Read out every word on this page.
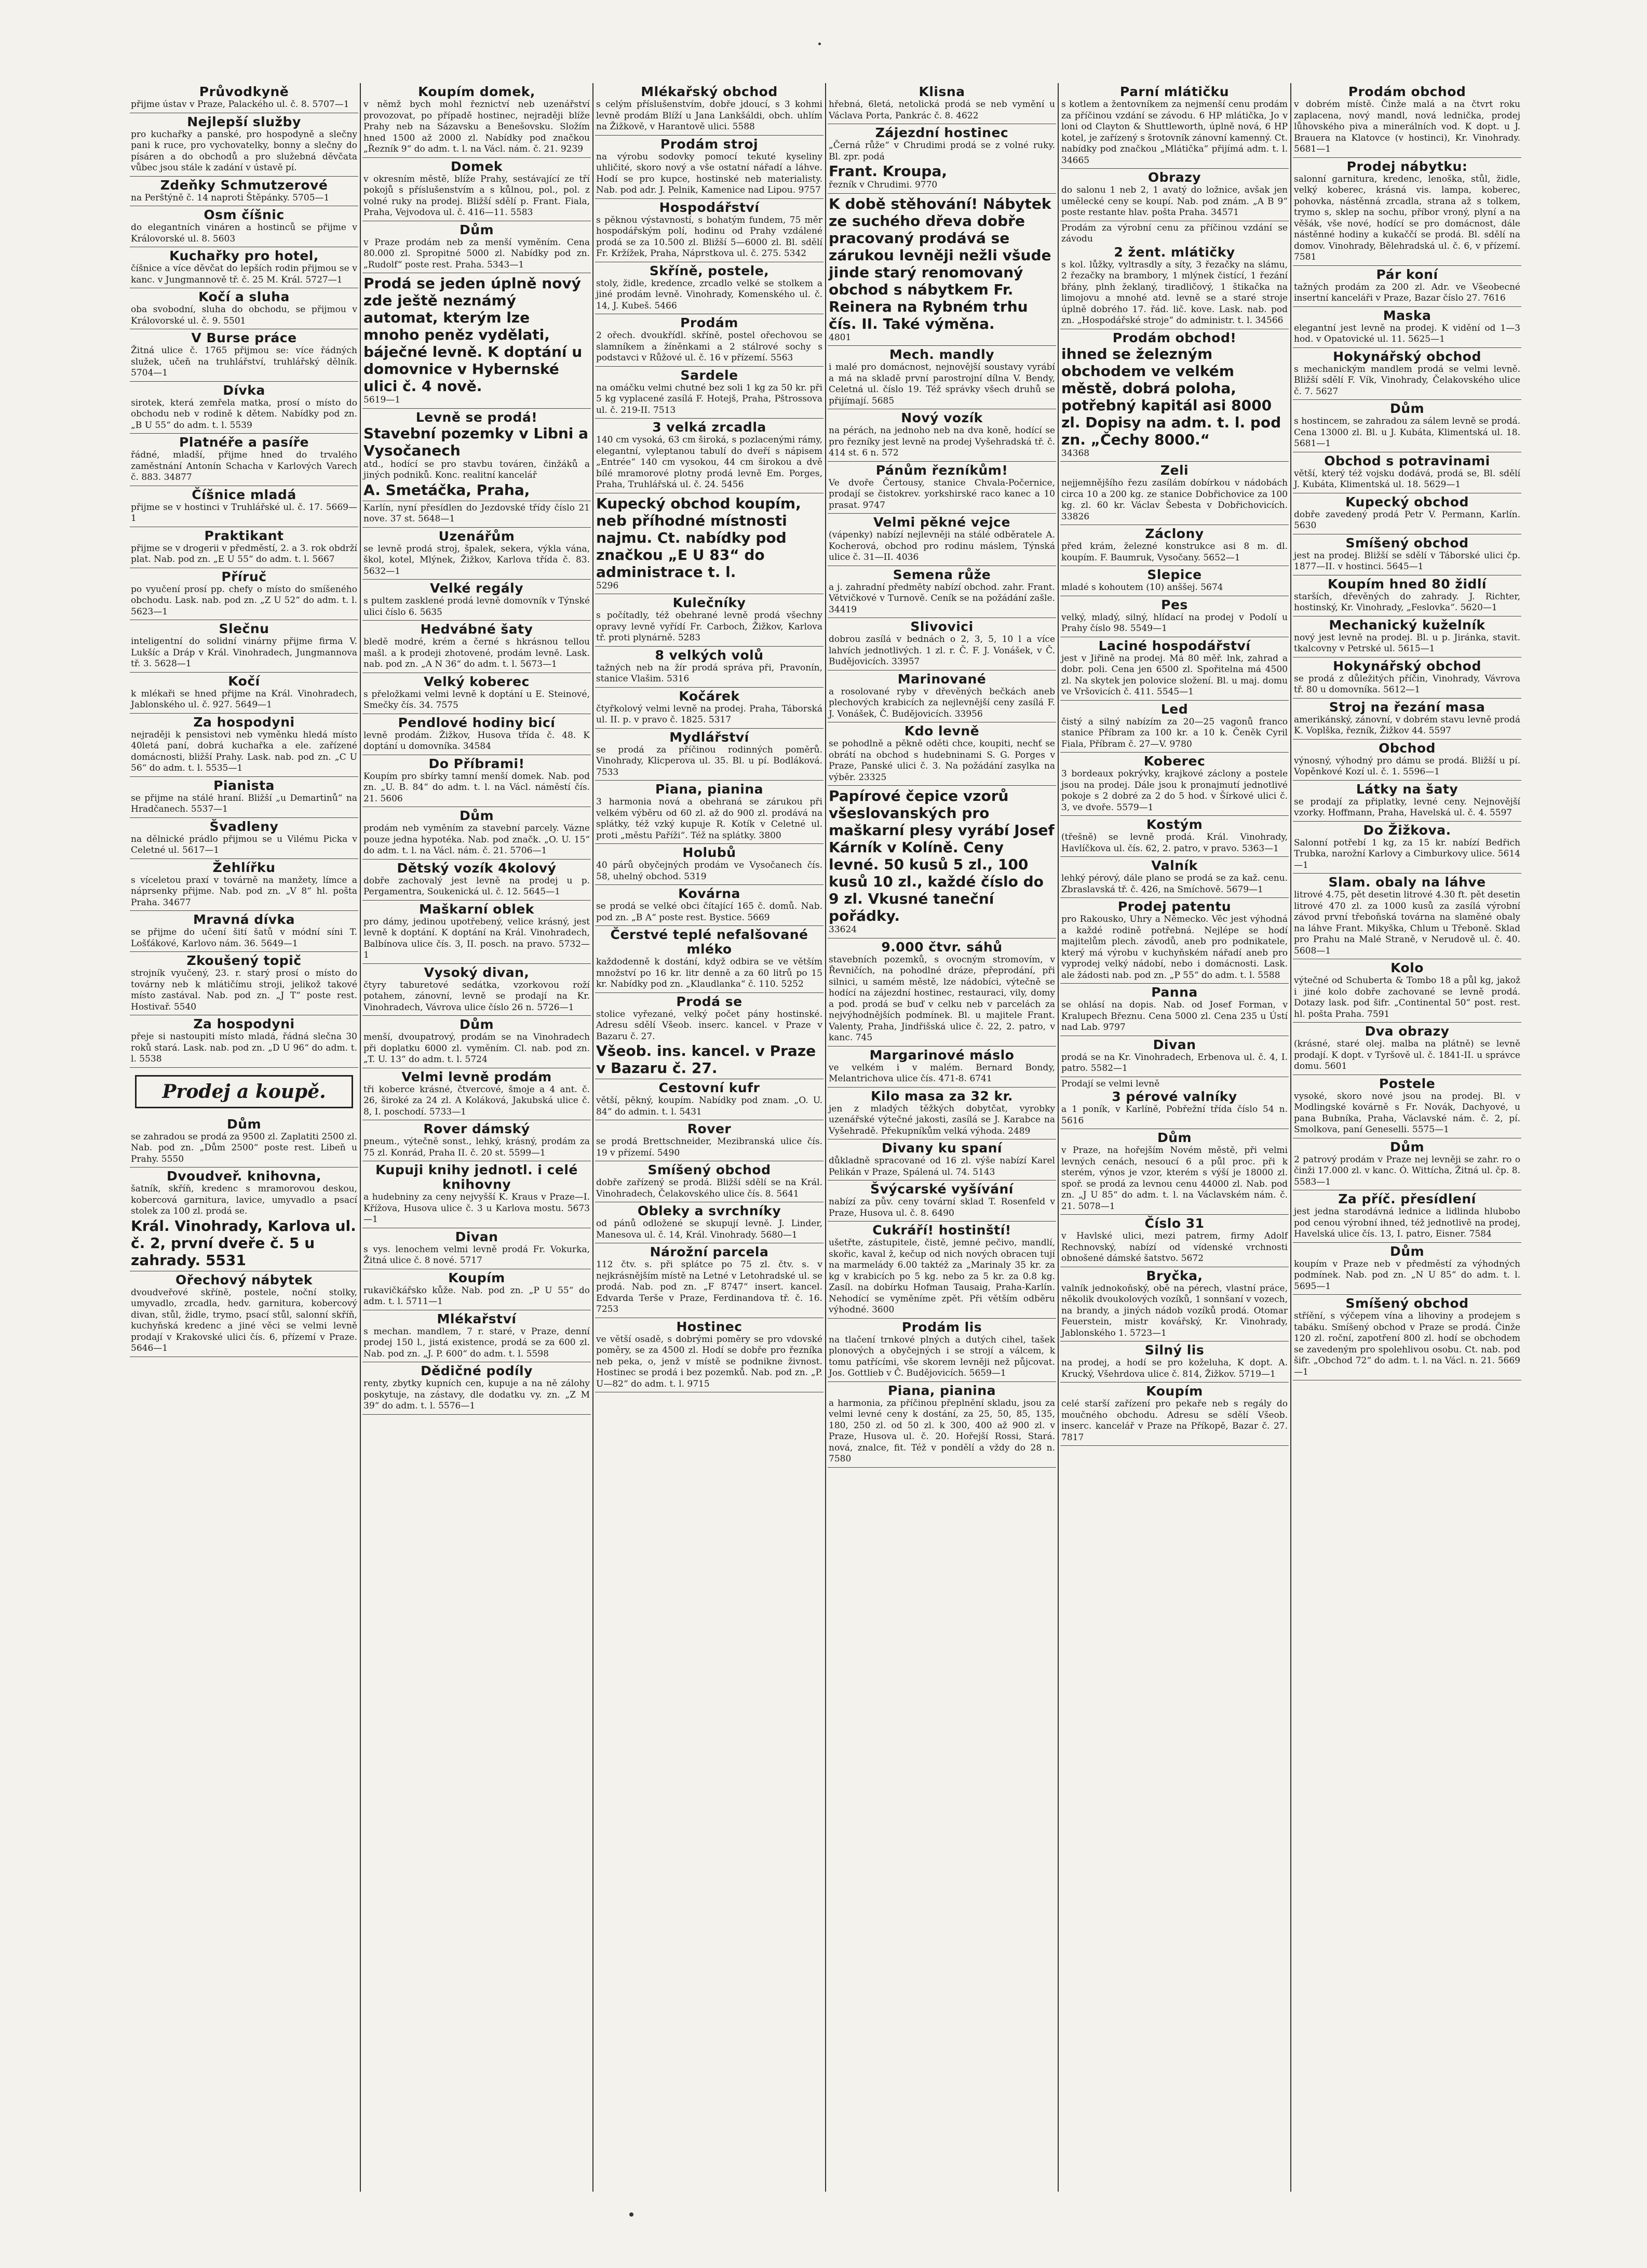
Průvodkyně
přijme ústav v Praze, Palackého ul. č. 8. 5707—1
Nejlepší služby
pro kuchařky a panské, pro hospodyně a slečny pani k ruce, pro vychovatelky, bonny a slečny do písáren a do obchodů a pro služebná děvčata vůbec jsou stále k zadání v ústavě pí.
Zdeňky Schmutzerové
na Perštýně č. 14 naproti Štěpánky. 5705—1
Osm číšnic
do elegantních vináren a hostinců se přijme v Královorské ul. 8. 5603
Kuchařky pro hotel,
číšnice a více děvčat do lepších rodin přijmou se v kanc. v Jungmannově tř. č. 25 M. Král. 5727—1
Kočí a sluha
oba svobodní, sluha do obchodu, se přijmou v Královorské ul. č. 9. 5501
V Burse práce
Žitná ulice č. 1765 přijmou se: více řádných služek, učeň na truhlářství, truhlářský dělník. 5704—1
Dívka
sirotek, která zemřela matka, prosí o místo do obchodu neb v rodině k dětem. Nabídky pod zn. „B U 55“ do adm. t. l. 5539
Platnéře a pasíře
řádné, mladší, přijme hned do trvalého zaměstnání Antonín Schacha v Karlových Varech č. 883. 34877
Číšnice mladá
přijme se v hostinci v Truhlářské ul. č. 17. 5669—1
Praktikant
přijme se v drogerii v předměstí, 2. a 3. rok obdrží plat. Nab. pod zn. „E U 55“ do adm. t. l. 5667
Příruč
po vyučení prosí pp. chefy o místo do smíšeného obchodu. Lask. nab. pod zn. „Z U 52“ do adm. t. l. 5623—1
Slečnu
inteligentní do solidní vinárny přijme firma V. Lukšíc a Dráp v Král. Vinohradech, Jungmannova tř. 3. 5628—1
Kočí
k mlékaři se hned přijme na Král. Vinohradech, Jablonského ul. č. 927. 5649—1
Za hospodyni
nejraději k pensistovi neb vyměnku hledá místo 40letá paní, dobrá kuchařka a ele. zařízené domácnosti, bližší Prahy. Lask. nab. pod zn. „C U 56“ do adm. t. l. 5535—1
Pianista
se přijme na stálé hraní. Bližší „u Demartinů“ na Hradčanech. 5537—1
Švadleny
na dělnické prádlo přijmou se u Vilému Picka v Celetné ul. 5617—1
Žehlířku
s víceletou praxí v továrně na manžety, límce a náprsenky přijme. Nab. pod zn. „V 8“ hl. pošta Praha. 34677
Mravná dívka
se přijme do učení šití šatů v módní síni T. Lošťákové, Karlovo nám. 36. 5649—1
Zkoušený topič
strojník vyučený, 23. r. starý prosí o místo do továrny neb k mlátičímu stroji, jelikož takové místo zastával. Nab. pod zn. „J T“ poste rest. Hostivař. 5540
Za hospodyni
přeje si nastoupiti místo mladá, řádná slečna 30 roků stará. Lask. nab. pod zn. „D U 96“ do adm. t. l. 5538
Prodej a koupě.
Dům
se zahradou se prodá za 9500 zl. Zaplatiti 2500 zl. Nab. pod zn. „Dům 2500“ poste rest. Libeň u Prahy. 5550
Dvoudveř. knihovna,
šatník, skříň, kredenc s mramorovou deskou, kobercová garnitura, lavice, umyvadlo a psací stolek za 100 zl. prodá se.
Král. Vinohrady, Karlova ul. č. 2, první dveře č. 5 u zahrady. 5531
Ořechový nábytek
dvoudveřové skříně, postele, noční stolky, umyvadlo, zrcadla, hedv. garnitura, kobercový divan, stůl, židle, trymo, psací stůl, salonní skříň, kuchyňská kredenc a jiné věci se velmi levně prodají v Krakovské ulici čís. 6, přízemí v Praze. 5646—1
Koupím domek,
v němž bych mohl řeznictví neb uzenářství provozovat, po případě hostinec, nejraději blíže Prahy neb na Sázavsku a Benešovsku. Složím hned 1500 až 2000 zl. Nabídky pod značkou „Řezník 9“ do adm. t. l. na Václ. nám. č. 21. 9239
Domek
v okresním městě, blíže Prahy, sestávající ze tří pokojů s příslušenstvím a s kůlnou, pol., pol. z volné ruky na prodej. Bližší sdělí p. Frant. Fiala, Praha, Vejvodova ul. č. 416—11. 5583
Dům
v Praze prodám neb za menší vyměním. Cena 80.000 zl. Spropitné 5000 zl. Nabídky pod zn. „Rudolf“ poste rest. Praha. 5343—1
Prodá se jeden úplně nový zde ještě neznámý automat, kterým lze mnoho peněz vydělati, báječné levně. K doptání u domovnice v Hybernské ulici č. 4 nově.
5619—1
Levně se prodá!
Stavební pozemky v Libni a Vysočanech
atd., hodící se pro stavbu továren, činžáků a jiných podniků. Konc. realitní kancelář
A. Smetáčka, Praha,
Karlín, nyní přesídlen do Jezdovské třídy číslo 21 nove. 37 st. 5648—1
Uzenářům
se levně prodá stroj, špalek, sekera, výkla vána, škol, kotel, Mlýnek, Žižkov, Karlova třída č. 83. 5632—1
Velké regály
s pultem zasklené prodá levně domovník v Týnské ulici číslo 6. 5635
Hedvábné šaty
bledě modré, krém a černé s hkrásnou tellou mašl. a k prodeji zhotovené, prodám levně. Lask. nab. pod zn. „A N 36“ do adm. t. l. 5673—1
Velký koberec
s přeložkami velmi levně k doptání u E. Steinové, Smečky čís. 34. 7575
Pendlové hodiny bicí
levně prodám. Žižkov, Husova třída č. 48. K doptání u domovníka. 34584
Do Příbrami!
Koupím pro sbírky tamní menší domek. Nab. pod zn. „U. B. 84“ do adm. t. l. na Václ. náměstí čís. 21. 5606
Dům
prodám neb vyměním za stavební parcely. Vázne pouze jedna hypotéka. Nab. pod značk. „O. U. 15“ do adm. t. l. na Václ. nám. č. 21. 5706—1
Dětský vozík 4kolový
dobře zachovalý jest levně na prodej u p. Pergamentra, Soukenická ul. č. 12. 5645—1
Maškarní oblek
pro dámy, jedinou upotřebený, velice krásný, jest levně k doptání. K doptání na Král. Vinohradech, Balbínova ulice čís. 3, II. posch. na pravo. 5732—1
Vysoký divan,
čtyry taburetové sedátka, vzorkovou roží potahem, zánovní, levně se prodají na Kr. Vinohradech, Vávrova ulice číslo 26 n. 5726—1
Dům
menší, dvoupatrový, prodám se na Vinohradech při doplatku 6000 zl. vyměním. Cl. nab. pod zn. „T. U. 13“ do adm. t. l. 5724
Velmi levně prodám
tři koberce krásné, čtvercové, šmoje a 4 ant. č. 26, široké za 24 zl. A Koláková, Jakubská ulice č. 8, I. poschodí. 5733—1
Rover dámský
pneum., výtečně sonst., lehký, krásný, prodám za 75 zl. Konrád, Praha II. č. 20 st. 5599—1
Kupuji knihy jednotl. i celé knihovny
a hudebniny za ceny nejvyšší K. Kraus v Praze—I. Křížova, Husova ulice č. 3 u Karlova mostu. 5673—1
Divan
s vys. lenochem velmi levně prodá Fr. Vokurka, Žitná ulice č. 8 nové. 5717
Koupím
rukavičkářsko kůže. Nab. pod zn. „P U 55“ do adm. t. l. 5711—1
Mlékařství
s mechan. mandlem, 7 r. staré, v Praze, denní prodej 150 l., jistá existence, prodá se za 600 zl. Nab. pod zn. „J. P. 600“ do adm. t. l. 5598
Dědičné podíly
renty, zbytky kupních cen, kupuje a na ně zálohy poskytuje, na zástavy, dle dodatku vy. zn. „Z M 39“ do adm. t. l. 5576—1
Mlékařský obchod
s celým příslušenstvím, dobře jdoucí, s 3 kohmi levně prodám Blíží u Jana Lankšáldi, obch. uhlím na Žižkově, v Harantově ulici. 5588
Prodám stroj
na výrobu sodovky pomocí tekuté kyseliny uhličité, skoro nový a vše ostatní nářadí a láhve. Hodí se pro kupce, hostinské neb materialisty. Nab. pod adr. J. Pelnik, Kamenice nad Lipou. 9757
Hospodářství
s pěknou výstavností, s bohatým fundem, 75 měr hospodářským polí, hodinu od Prahy vzdálené prodá se za 10.500 zl. Bližší 5—6000 zl. Bl. sdělí Fr. Kržížek, Praha, Náprstkova ul. č. 275. 5342
Skříně, postele,
stoly, židle, kredence, zrcadlo velké se stolkem a jiné prodám levně. Vinohrady, Komenského ul. č. 14, J. Kubeš. 5466
Prodám
2 ořech. dvoukřídl. skříně, postel ořechovou se slamníkem a žíněnkami a 2 stálrové sochy s podstavci v Růžové ul. č. 16 v přízemí. 5563
Sardele
na omáčku velmi chutné bez soli 1 kg za 50 kr. při 5 kg vyplacené zasílá F. Hotejš, Praha, Pštrossova ul. č. 219-II. 7513
3 velká zrcadla
140 cm vysoká, 63 cm široká, s pozlacenými rámy, elegantní, vyleptanou tabulí do dveří s nápisem „Entrée“ 140 cm vysokou, 44 cm širokou a dvě bílé mramorové plotny prodá levně Em. Porges, Praha, Truhlářská ul. č. 24. 5456
Kupecký obchod koupím, neb příhodné místnosti najmu. Ct. nabídky pod značkou „E U 83“ do administrace t. l.
5296
Kulečníky
s počítadly, též obehrané levně prodá všechny opravy levně vyřídí Fr. Carboch, Žižkov, Karlova tř. proti plynárně. 5283
8 velkých volů
tažných neb na žír prodá správa při, Pravonín, stanice Vlašim. 5316
Kočárek
čtyřkolový velmi levně na prodej. Praha, Táborská ul. II. p. v pravo č. 1825. 5317
Mydlářství
se prodá za příčinou rodinných poměrů. Vinohrady, Klicperova ul. 35. Bl. u pí. Bodláková. 7533
Piana, pianina
3 harmonia nová a obehraná se zárukou při velkém výběru od 60 zl. až do 900 zl. prodává na splátky, též vzký kupuje R. Kotík v Celetné ul. proti „městu Paříži“. Též na splátky. 3800
Holubů
40 párů obyčejných prodám ve Vysočanech čís. 58, uhelný obchod. 5319
Kovárna
se prodá se velké obci čítající 165 č. domů. Nab. pod zn. „B A“ poste rest. Bystice. 5669
Čerstvé teplé nefalšované mléko
každodenně k dostání, když odbira se ve větším množství po 16 kr. litr denně a za 60 litrů po 15 kr. Nabídky pod zn. „Klaudlanka“ č. 110. 5252
Prodá se
stolice vyřezané, velký počet pány hostinské. Adresu sdělí Všeob. inserc. kancel. v Praze v Bazaru č. 27.
Všeob. ins. kancel. v Praze v Bazaru č. 27.
Cestovní kufr
větší, pěkný, koupím. Nabídky pod znam. „O. U. 84“ do admin. t. l. 5431
Rover
se prodá Brettschneider, Mezibranská ulice čís. 19 v přízemí. 5490
Smíšený obchod
dobře zařízený se prodá. Bližší sdělí se na Král. Vinohradech, Čelakovského ulice čís. 8. 5641
Obleky a svrchníky
od pánů odložené se skupují levně. J. Linder, Manesova ul. č. 14, Král. Vinohrady. 5680—1
Nárožní parcela
112 čtv. s. při splátce po 75 zl. čtv. s. v nejkrásnějším místě na Letné v Letohradské ul. se prodá. Nab. pod zn. „F 8747“ insert. kancel. Edvarda Terše v Praze, Ferdinandova tř. č. 16. 7253
Hostinec
ve větší osadě, s dobrými poměry se pro vdovské poměry, se za 4500 zl. Hodí se dobře pro řezníka neb peka, o, jenž v místě se podnikne živnost. Hostinec se prodá i bez pozemků. Nab. pod zn. „P. U—82“ do adm. t. l. 9715
Klisna
hřebná, 6letá, netolická prodá se neb vymění u Václava Porta, Pankrác č. 8. 4622
Zájezdní hostinec
„Černá růže“ v Chrudimi prodá se z volné ruky. Bl. zpr. podá
Frant. Kroupa,
řezník v Chrudimi. 9770
K době stěhování! Nábytek ze suchého dřeva dobře pracovaný prodává se zárukou levněji nežli všude jinde starý renomovaný obchod s nábytkem Fr. Reinera na Rybném trhu čís. II. Také výměna.
4801
Mech. mandly
i malé pro domácnost, nejnovější soustavy vyrábí a má na skladě první parostrojní dílna V. Bendy, Celetná ul. číslo 19. Též správky všech druhů se přijímají. 5685
Nový vozík
na pérách, na jednoho neb na dva koně, hodící se pro řezníky jest levně na prodej Vyšehradská tř. č. 414 st. 6 n. 572
Pánům řezníkům!
Ve dvoře Čertousy, stanice Chvala-Počernice, prodají se čistokrev. yorkshirské raco kanec a 10 prasat. 9747
Velmi pěkné vejce
(vápenky) nabízí nejlevněji na stálé odběratele A. Kocherová, obchod pro rodinu máslem, Týnská ulice č. 31—II. 4036
Semena růže
a j. zahradní předměty nabízí obchod. zahr. Frant. Větvičkové v Turnově. Ceník se na požádání zašle. 34419
Slivovici
dobrou zasílá v bednách o 2, 3, 5, 10 l a více lahvích jednotlivých. 1 zl. r. Č. F. J. Vonášek, v Č. Budějovicích. 33957
Marinované
a rosolované ryby v dřevěných bečkách aneb plechových krabicích za nejlevnější ceny zasílá F. J. Vonášek, Č. Budějovicích. 33956
Kdo levně
se pohodlně a pěkně oděti chce, koupiti, nechť se obrátí na obchod s hudebninami S. G. Porges v Praze, Panské ulici č. 3. Na požádání zasylka na výběr. 23325
Papírové čepice vzorů všeslovanských pro maškarní plesy vyrábí Josef Kárník v Kolíně. Ceny levné. 50 kusů 5 zl., 100 kusů 10 zl., každé číslo do 9 zl. Vkusné taneční pořádky.
33624
9.000 čtvr. sáhů
stavebních pozemků, s ovocným stromovím, v Řevničích, na pohodlné dráze, přeprodání, při silnici, u samém městě, lze nádobíci, výtečně se hodící na zájezdní hostinec, restauraci, vily, domy a pod. prodá se buď v celku neb v parcelách za nejvýhodnějších podmínek. Bl. u majitele Frant. Valenty, Praha, Jindřišská ulice č. 22, 2. patro, v kanc. 745
Margarinové máslo
ve velkém i v malém. Bernard Bondy, Melantrichova ulice čís. 471-8. 6741
Kilo masa za 32 kr.
jen z mladých těžkých dobytčat, vyrobky uzenářské výtečné jakosti, zasílá se J. Karabce na Vyšehradě. Překupníkům velká výhoda. 2489
Divany ku spaní
důkladně spracované od 16 zl. výše nabízí Karel Pelikán v Praze, Spálená ul. 74. 5143
Švýcarské vyšívání
nabízí za pův. ceny tovární sklad T. Rosenfeld v Praze, Husova ul. č. 8. 6490
Cukráří! hostinští!
ušetřte, zástupitele, čistě, jemné pečivo, mandlí, skořic, kaval ž, kečup od nich nových obracen tují na marmelády 6.00 taktéž za „Marinaly 35 kr. za kg v krabicích po 5 kg. nebo za 5 kr. za 0.8 kg. Zasíl. na dobírku Hofman Tausaig, Praha-Karlín. Nehodící se vyměníme zpět. Při větším odběru výhodné. 3600
Prodám lis
na tlačení trnkové plných a dutých cihel, tašek plonových a obyčejných i se strojí a válcem, k tomu patřícími, vše skorem levněji než půjcovat. Jos. Gottlieb v Č. Budějovicích. 5659—1
Piana, pianina
a harmonia, za příčinou přeplnění skladu, jsou za velmi levné ceny k dostání, za 25, 50, 85, 135, 180, 250 zl. od 50 zl. k 300, 400 až 900 zl. v Praze, Husova ul. č. 20. Hořejší Rossi, Stará. nová, znalce, fit. Též v pondělí a vždy do 28 n. 7580
Parní mlátičku
s kotlem a žentovníkem za nejmenší cenu prodám za příčinou vzdání se závodu. 6 HP mlátička, Jo v loni od Clayton & Shuttleworth, úplně nová, 6 HP kotel, je zařízený s šrotovník zánovní kamenný. Ct. nabídky pod značkou „Mlátička“ přijímá adm. t. l. 34665
Obrazy
do salonu 1 neb 2, 1 avatý do ložnice, avšak jen umělecké ceny se koupí. Nab. pod znám. „A B 9“ poste restante hlav. pošta Praha. 34571
Prodám za výrobní cenu za příčinou vzdání se závodu
2 žent. mlátičky
s kol. lůžky, vyltrasdly a síty, 3 řezačky na slámu, 2 řezačky na brambory, 1 mlýnek čistící, 1 řezání břány, plnh žeklaný, tiradličový, 1 štikačka na limojovu a mnohé atd. levně se a staré stroje úplně dobrého 17. řád. lič. kove. Lask. nab. pod zn. „Hospodářské stroje“ do administr. t. l. 34566
Prodám obchod!
ihned se železným obchodem ve velkém městě, dobrá poloha, potřebný kapitál asi 8000 zl. Dopisy na adm. t. l. pod zn. „Čechy 8000.“
34368
Zeli
nejjemnějšího řezu zasílám dobírkou v nádobách circa 10 a 200 kg. ze stanice Dobřichovice za 100 kg. zl. 60 kr. Václav Šebesta v Dobřichovicích. 33826
Záclony
před krám, železné konstrukce asi 8 m. dl. koupím. F. Baumruk, Vysočany. 5652—1
Slepice
mladé s kohoutem (10) anššej. 5674
Pes
velký, mladý, silný, hlídací na prodej v Podolí u Prahy číslo 98. 5549—1
Laciné hospodářství
jest v Jiřině na prodej. Má 80 měř. lnk, zahrad a dobr. poli. Cena jen 6500 zl. Spořitelna má 4500 zl. Na skytek jen polovice složení. Bl. u maj. domu ve Vršovicích č. 411. 5545—1
Led
čistý a silný nabízím za 20—25 vagonů franco stanice Příbram za 100 kr. a 10 k. Čeněk Cyril Fiala, Příbram č. 27—V. 9780
Koberec
3 bordeaux pokrývky, krajkové záclony a postele jsou na prodej. Dále jsou k pronajmutí jednotlivé pokoje s 2 dobré za 2 do 5 hod. v Šírkové ulici č. 3, ve dvoře. 5579—1
Kostým
(třešně) se levně prodá. Král. Vinohrady, Havlíčkova ul. čís. 62, 2. patro, v pravo. 5363—1
Valník
lehký pérový, dále plano se prodá se za kaž. cenu. Zbraslavská tř. č. 426, na Smíchově. 5679—1
Prodej patentu
pro Rakousko, Uhry a Německo. Věc jest výhodná a každé rodině potřebná. Nejlépe se hodí majitelům plech. závodů, aneb pro podnikatele, který má výrobu v kuchyňském nářadí aneb pro vyprodej velký nádobí, nebo i domácnosti. Lask. ale žádosti nab. pod zn. „P 55“ do adm. t. l. 5588
Panna
se ohlásí na dopis. Nab. od Josef Forman, v Kralupech Březnu. Cena 5000 zl. Cena 235 u Ústí nad Lab. 9797
Divan
prodá se na Kr. Vinohradech, Erbenova ul. č. 4, I. patro. 5582—1
Prodají se velmi levně
3 pérové valníky
a 1 poník, v Karlíně, Pobřežní třída číslo 54 n. 5616
Dům
v Praze, na hořejším Novém městě, při velmi levných cenách, nesoucí 6 a půl proc. při k sterém, výnos je vzor, kterém s výší je 18000 zl. spoř. se prodá za levnou cenu 44000 zl. Nab. pod zn. „J U 85“ do adm. t. l. na Václavském nám. č. 21. 5078—1
Číslo 31
v Havlské ulici, mezi patrem, firmy Adolf Rechnovský, nabízí od vídenské vrchnosti obnošené dámské šatstvo. 5672
Bryčka,
valník jednokoňský, obě na pérech, vlastní práce, několik dvoukolových vozíků, 1 sonnšaní v vozech, na brandy, a jiných nádob vozíků prodá. Otomar Feuerstein, mistr kovářský, Kr. Vinohrady, Jablonského 1. 5723—1
Silný lis
na prodej, a hodí se pro koželuha, K dopt. A. Krucký, Všehrdova ulice č. 814, Žižkov. 5719—1
Koupím
celé starší zařízení pro pekaře neb s regály do moučného obchodu. Adresu se sdělí Všeob. inserc. kancelář v Praze na Příkopě, Bazar č. 27. 7817
Prodám obchod
v dobrém místě. Činže malá a na čtvrt roku zaplacena, nový mandl, nová lednička, prodej lůhovského piva a minerálních vod. K dopt. u J. Brauera na Klatovce (v hostinci), Kr. Vinohrady. 5681—1
Prodej nábytku:
salonní garnitura, kredenc, lenoška, stůl, židle, velký koberec, krásná vis. lampa, koberec, pohovka, nástěnná zrcadla, strana až s tolkem, trymo s, sklep na sochu, příbor vroný, plyní a na věšák, vše nové, hodící se pro domácnost, dále nástěnné hodiny a kukaččí se prodá. Bl. sdělí na domov. Vinohrady, Bělehradská ul. č. 6, v přízemí. 7581
Pár koní
tažných prodám za 200 zl. Adr. ve Všeobecné insertní kanceláři v Praze, Bazar číslo 27. 7616
Maska
elegantní jest levně na prodej. K vidění od 1—3 hod. v Opatovické ul. 11. 5625—1
Hokynářský obchod
s mechanickým mandlem prodá se velmi levně. Bližší sdělí F. Vík, Vinohrady, Čelakovského ulice č. 7. 5627
Dům
s hostincem, se zahradou za sálem levně se prodá. Cena 13000 zl. Bl. u J. Kubáta, Klimentská ul. 18. 5681—1
Obchod s potravinami
větší, který též vojsku dodává, prodá se, Bl. sdělí J. Kubáta, Klimentská ul. 18. 5629—1
Kupecký obchod
dobře zavedený prodá Petr V. Permann, Karlín. 5630
Smíšený obchod
jest na prodej. Bližší se sdělí v Táborské ulici čp. 1877—II. v hostinci. 5645—1
Koupím hned 80 židlí
starších, dřevěných do zahrady. J. Richter, hostinský, Kr. Vinohrady, „Feslovka“. 5620—1
Mechanický kuželník
nový jest levně na prodej. Bl. u p. Jiránka, stavit. tkalcovny v Petrské ul. 5615—1
Hokynářský obchod
se prodá z důležitých příčin, Vinohrady, Vávrova tř. 80 u domovníka. 5612—1
Stroj na řezání masa
amerikánský, zánovní, v dobrém stavu levně prodá K. Voplška, řezník, Žižkov 44. 5597
Obchod
výnosný, výhodný pro dámu se prodá. Bližší u pí. Vopěnkové Kozí ul. č. 1. 5596—1
Látky na šaty
se prodají za připlatky, levné ceny. Nejnovější vzorky. Hoffmann, Praha, Havelská ul. č. 4. 5597
Do Žižkova.
Salonní potřebí 1 kg, za 15 kr. nabízí Bedřich Trubka, narožní Karlovy a Cimburkovy ulice. 5614—1
Slam. obaly na láhve
litrové 4.75, pět desetin litrové 4.30 ft. pět desetin litrové 470 zl. za 1000 kusů za zasílá výrobní závod první třeboňská továrna na slaměné obaly na láhve Frant. Mikyška, Chlum u Třeboně. Sklad pro Prahu na Malé Straně, v Nerudově ul. č. 40. 5608—1
Kolo
výtečné od Schuberta & Tombo 18 a půl kg, jakož i jiné kolo dobře zachované se levně prodá. Dotazy lask. pod šifr. „Continental 50“ post. rest. hl. pošta Praha. 7591
Dva obrazy
(krásné, staré olej. malba na plátně) se levně prodají. K dopt. v Tyršově ul. č. 1841-II. u správce domu. 5601
Postele
vysoké, skoro nové jsou na prodej. Bl. v Modlingské kovárně s Fr. Novák, Dachyové, u pana Bubníka, Praha, Václavské nám. č. 2, pí. Smolkova, paní Geneselli. 5575—1
Dům
2 patrový prodám v Praze nej levněji se zahr. ro o činži 17.000 zl. v kanc. Ó. Wittícha, Žitná ul. čp. 8. 5583—1
Za příč. přesídlení
jest jedna starodávná lednice a lidlinda hlubobo pod cenou výrobní ihned, též jednotlivě na prodej, Havelská ulice čís. 13, I. patro, Eisner. 7584
Dům
koupím v Praze neb v předměstí za výhodných podmínek. Nab. pod zn. „N U 85“ do adm. t. l. 5695—1
Smíšený obchod
stříění, s výčepem vína a lihoviny a prodejem s tabáku. Smíšený obchod v Praze se prodá. Činže 120 zl. roční, zapotření 800 zl. hodí se obchodem se zavedeným pro spolehlivou osobu. Ct. nab. pod šifr. „Obchod 72“ do adm. t. l. na Václ. n. 21. 5669—1
